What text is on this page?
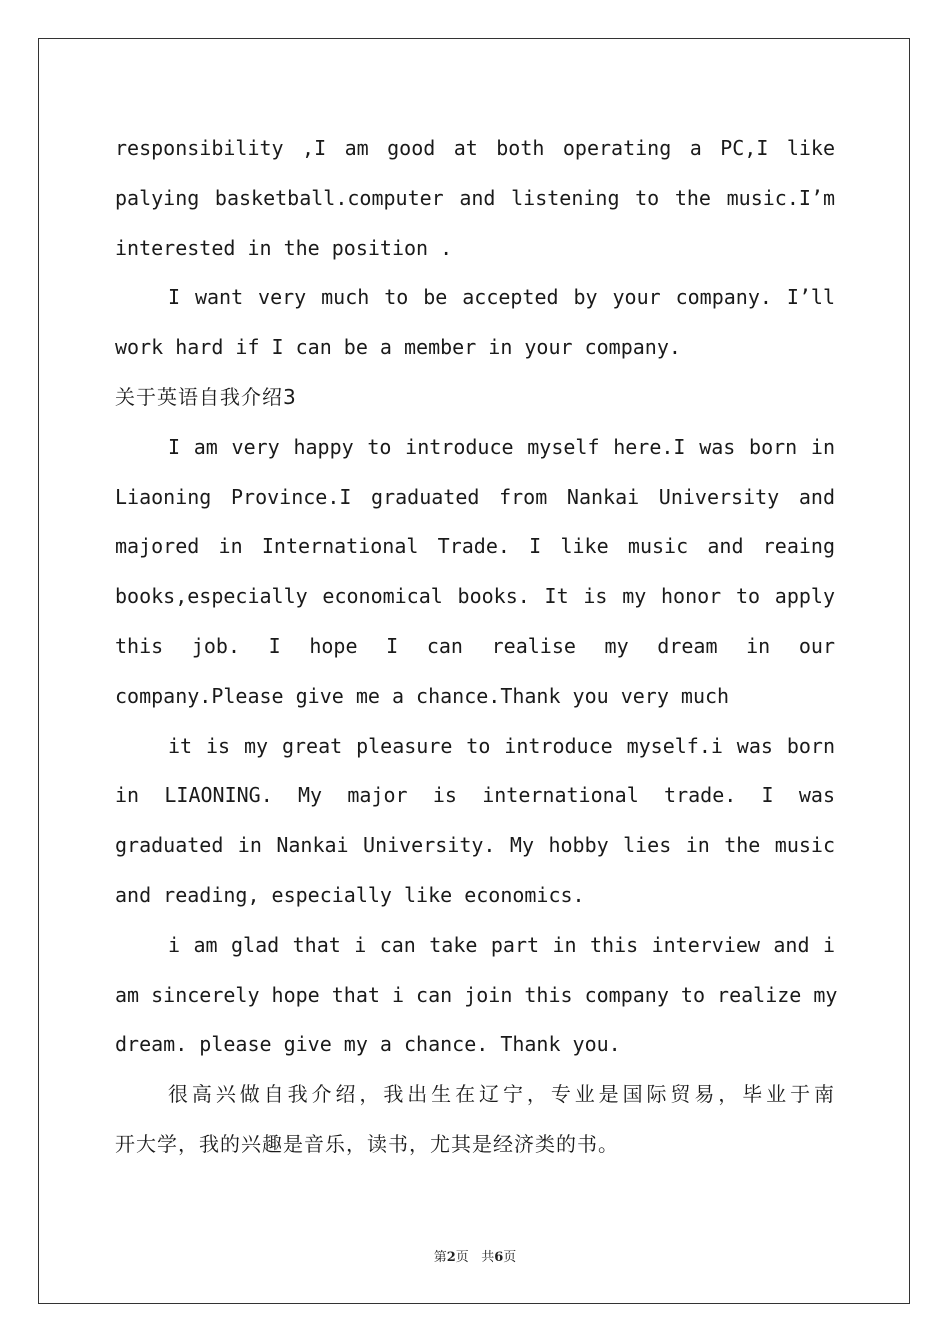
responsibility ,I am good at both operating a PC,I like
palying basketball.computer and listening to the music.I’m
interested in the position .
I want very much to be accepted by your company. I’ll
work hard if I can be a member in your company.
关于英语自我介绍3
I am very happy to introduce myself here.I was born in
Liaoning Province.I graduated from Nankai University and
majored in International Trade. I like music and reaing
books,especially economical books. It is my honor to apply
this job. I hope I can realise my dream in our
company.Please give me a chance.Thank you very much
it is my great pleasure to introduce myself.i was born
in LIAONING. My major is international trade. I was
graduated in Nankai University. My hobby lies in the music
and reading, especially like economics.
i am glad that i can take part in this interview and i
am sincerely hope that i can join this company to realize my
dream. please give my a chance. Thank you.
很高兴做自我介绍，我出生在辽宁，专业是国际贸易，毕业于南
开大学，我的兴趣是音乐，读书，尤其是经济类的书。
第2页 共6页
